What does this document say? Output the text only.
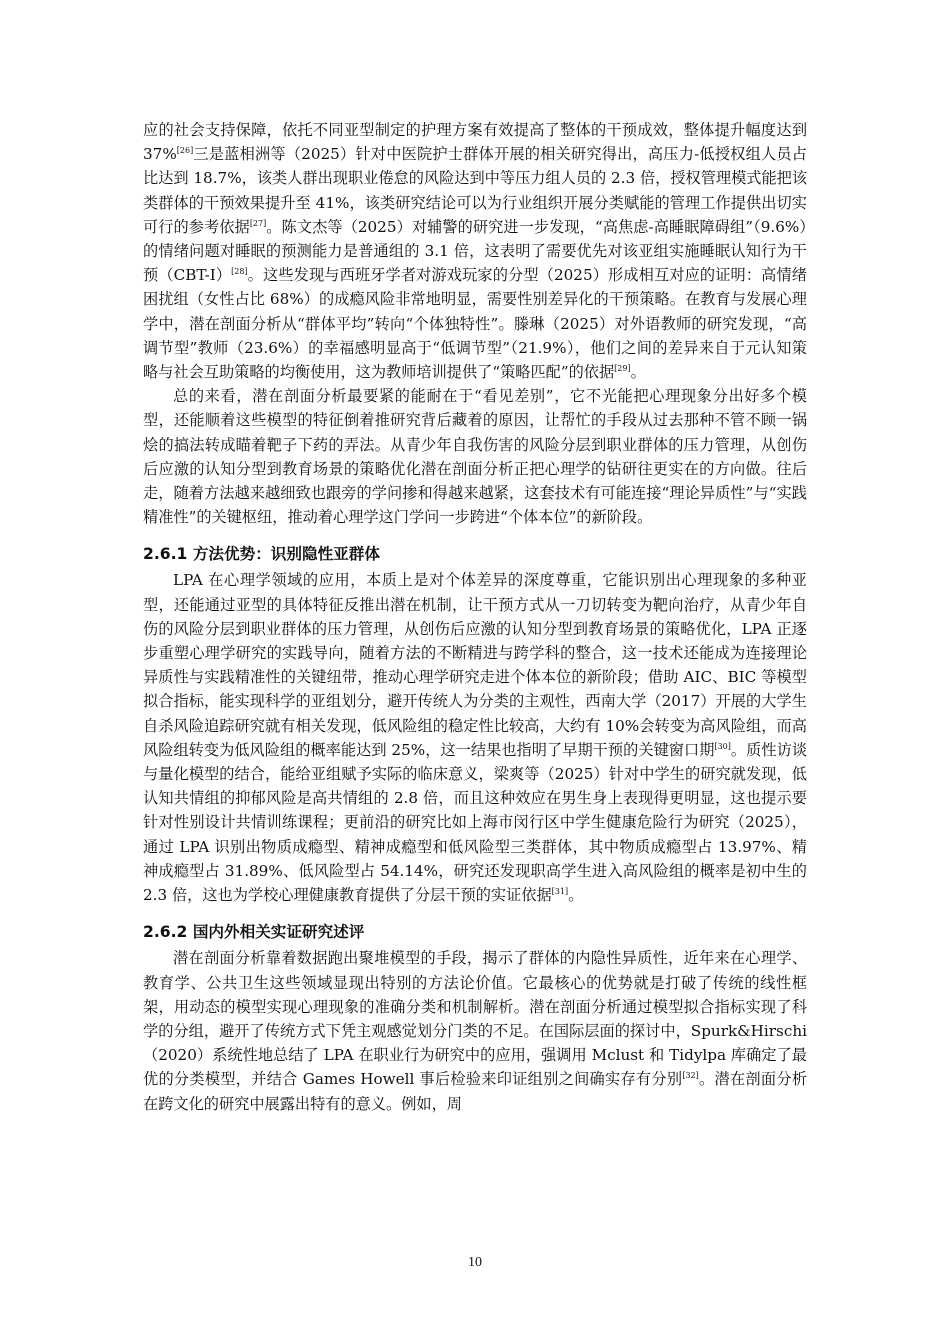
应的社会支持保障，依托不同亚型制定的护理方案有效提高了整体的干预成效，整体提升幅度达到 37%[26]三是蓝相洲等（2025）针对中医院护士群体开展的相关研究得出，高压力-低授权组人员占比达到 18.7%，该类人群出现职业倦怠的风险达到中等压力组人员的 2.3 倍，授权管理模式能把该类群体的干预效果提升至 41%，该类研究结论可以为行业组织开展分类赋能的管理工作提供出切实可行的参考依据[27]。陈文杰等（2025）对辅警的研究进一步发现，“高焦虑-高睡眠障碍组”（9.6%）的情绪问题对睡眠的预测能力是普通组的 3.1 倍，这表明了需要优先对该亚组实施睡眠认知行为干预（CBT-I）[28]。这些发现与西班牙学者对游戏玩家的分型（2025）形成相互对应的证明：高情绪困扰组（女性占比 68%）的成瘾风险非常地明显，需要性别差异化的干预策略。在教育与发展心理学中，潜在剖面分析从“群体平均”转向“个体独特性”。滕琳（2025）对外语教师的研究发现，“高调节型”教师（23.6%）的幸福感明显高于“低调节型”（21.9%），他们之间的差异来自于元认知策略与社会互助策略的均衡使用，这为教师培训提供了“策略匹配”的依据[29]。

总的来看，潜在剖面分析最要紧的能耐在于“看见差别”，它不光能把心理现象分出好多个模型，还能顺着这些模型的特征倒着推研究背后藏着的原因，让帮忙的手段从过去那种不管不顾一锅烩的搞法转成瞄着靶子下药的弄法。从青少年自我伤害的风险分层到职业群体的压力管理，从创伤后应激的认知分型到教育场景的策略优化潜在剖面分析正把心理学的钻研往更实在的方向做。往后走，随着方法越来越细致也跟旁的学问掺和得越来越紧，这套技术有可能连接“理论异质性”与“实践精准性”的关键枢纽，推动着心理学这门学问一步跨进“个体本位”的新阶段。

2.6.1 方法优势：识别隐性亚群体

LPA 在心理学领域的应用，本质上是对个体差异的深度尊重，它能识别出心理现象的多种亚型，还能通过亚型的具体特征反推出潜在机制，让干预方式从一刀切转变为靶向治疗，从青少年自伤的风险分层到职业群体的压力管理，从创伤后应激的认知分型到教育场景的策略优化，LPA 正逐步重塑心理学研究的实践导向，随着方法的不断精进与跨学科的整合，这一技术还能成为连接理论异质性与实践精准性的关键纽带，推动心理学研究走进个体本位的新阶段；借助 AIC、BIC 等模型拟合指标，能实现科学的亚组划分，避开传统人为分类的主观性，西南大学（2017）开展的大学生自杀风险追踪研究就有相关发现，低风险组的稳定性比较高，大约有 10%会转变为高风险组，而高风险组转变为低风险组的概率能达到 25%，这一结果也指明了早期干预的关键窗口期[30]。质性访谈与量化模型的结合，能给亚组赋予实际的临床意义，梁爽等（2025）针对中学生的研究就发现，低认知共情组的抑郁风险是高共情组的 2.8 倍，而且这种效应在男生身上表现得更明显，这也提示要针对性别设计共情训练课程；更前沿的研究比如上海市闵行区中学生健康危险行为研究（2025），通过 LPA 识别出物质成瘾型、精神成瘾型和低风险型三类群体，其中物质成瘾型占 13.97%、精神成瘾型占 31.89%、低风险型占 54.14%，研究还发现职高学生进入高风险组的概率是初中生的 2.3 倍，这也为学校心理健康教育提供了分层干预的实证依据[31]。

2.6.2 国内外相关实证研究述评

潜在剖面分析靠着数据跑出聚堆模型的手段，揭示了群体的内隐性异质性，近年来在心理学、教育学、公共卫生这些领域显现出特别的方法论价值。它最核心的优势就是打破了传统的线性框架，用动态的模型实现心理现象的准确分类和机制解析。潜在剖面分析通过模型拟合指标实现了科学的分组，避开了传统方式下凭主观感觉划分门类的不足。在国际层面的探讨中，Spurk&Hirschi（2020）系统性地总结了 LPA 在职业行为研究中的应用，强调用 Mclust 和 Tidylpa 库确定了最优的分类模型，并结合 Games Howell 事后检验来印证组别之间确实存有分别[32]。潜在剖面分析在跨文化的研究中展露出特有的意义。例如，周

10
